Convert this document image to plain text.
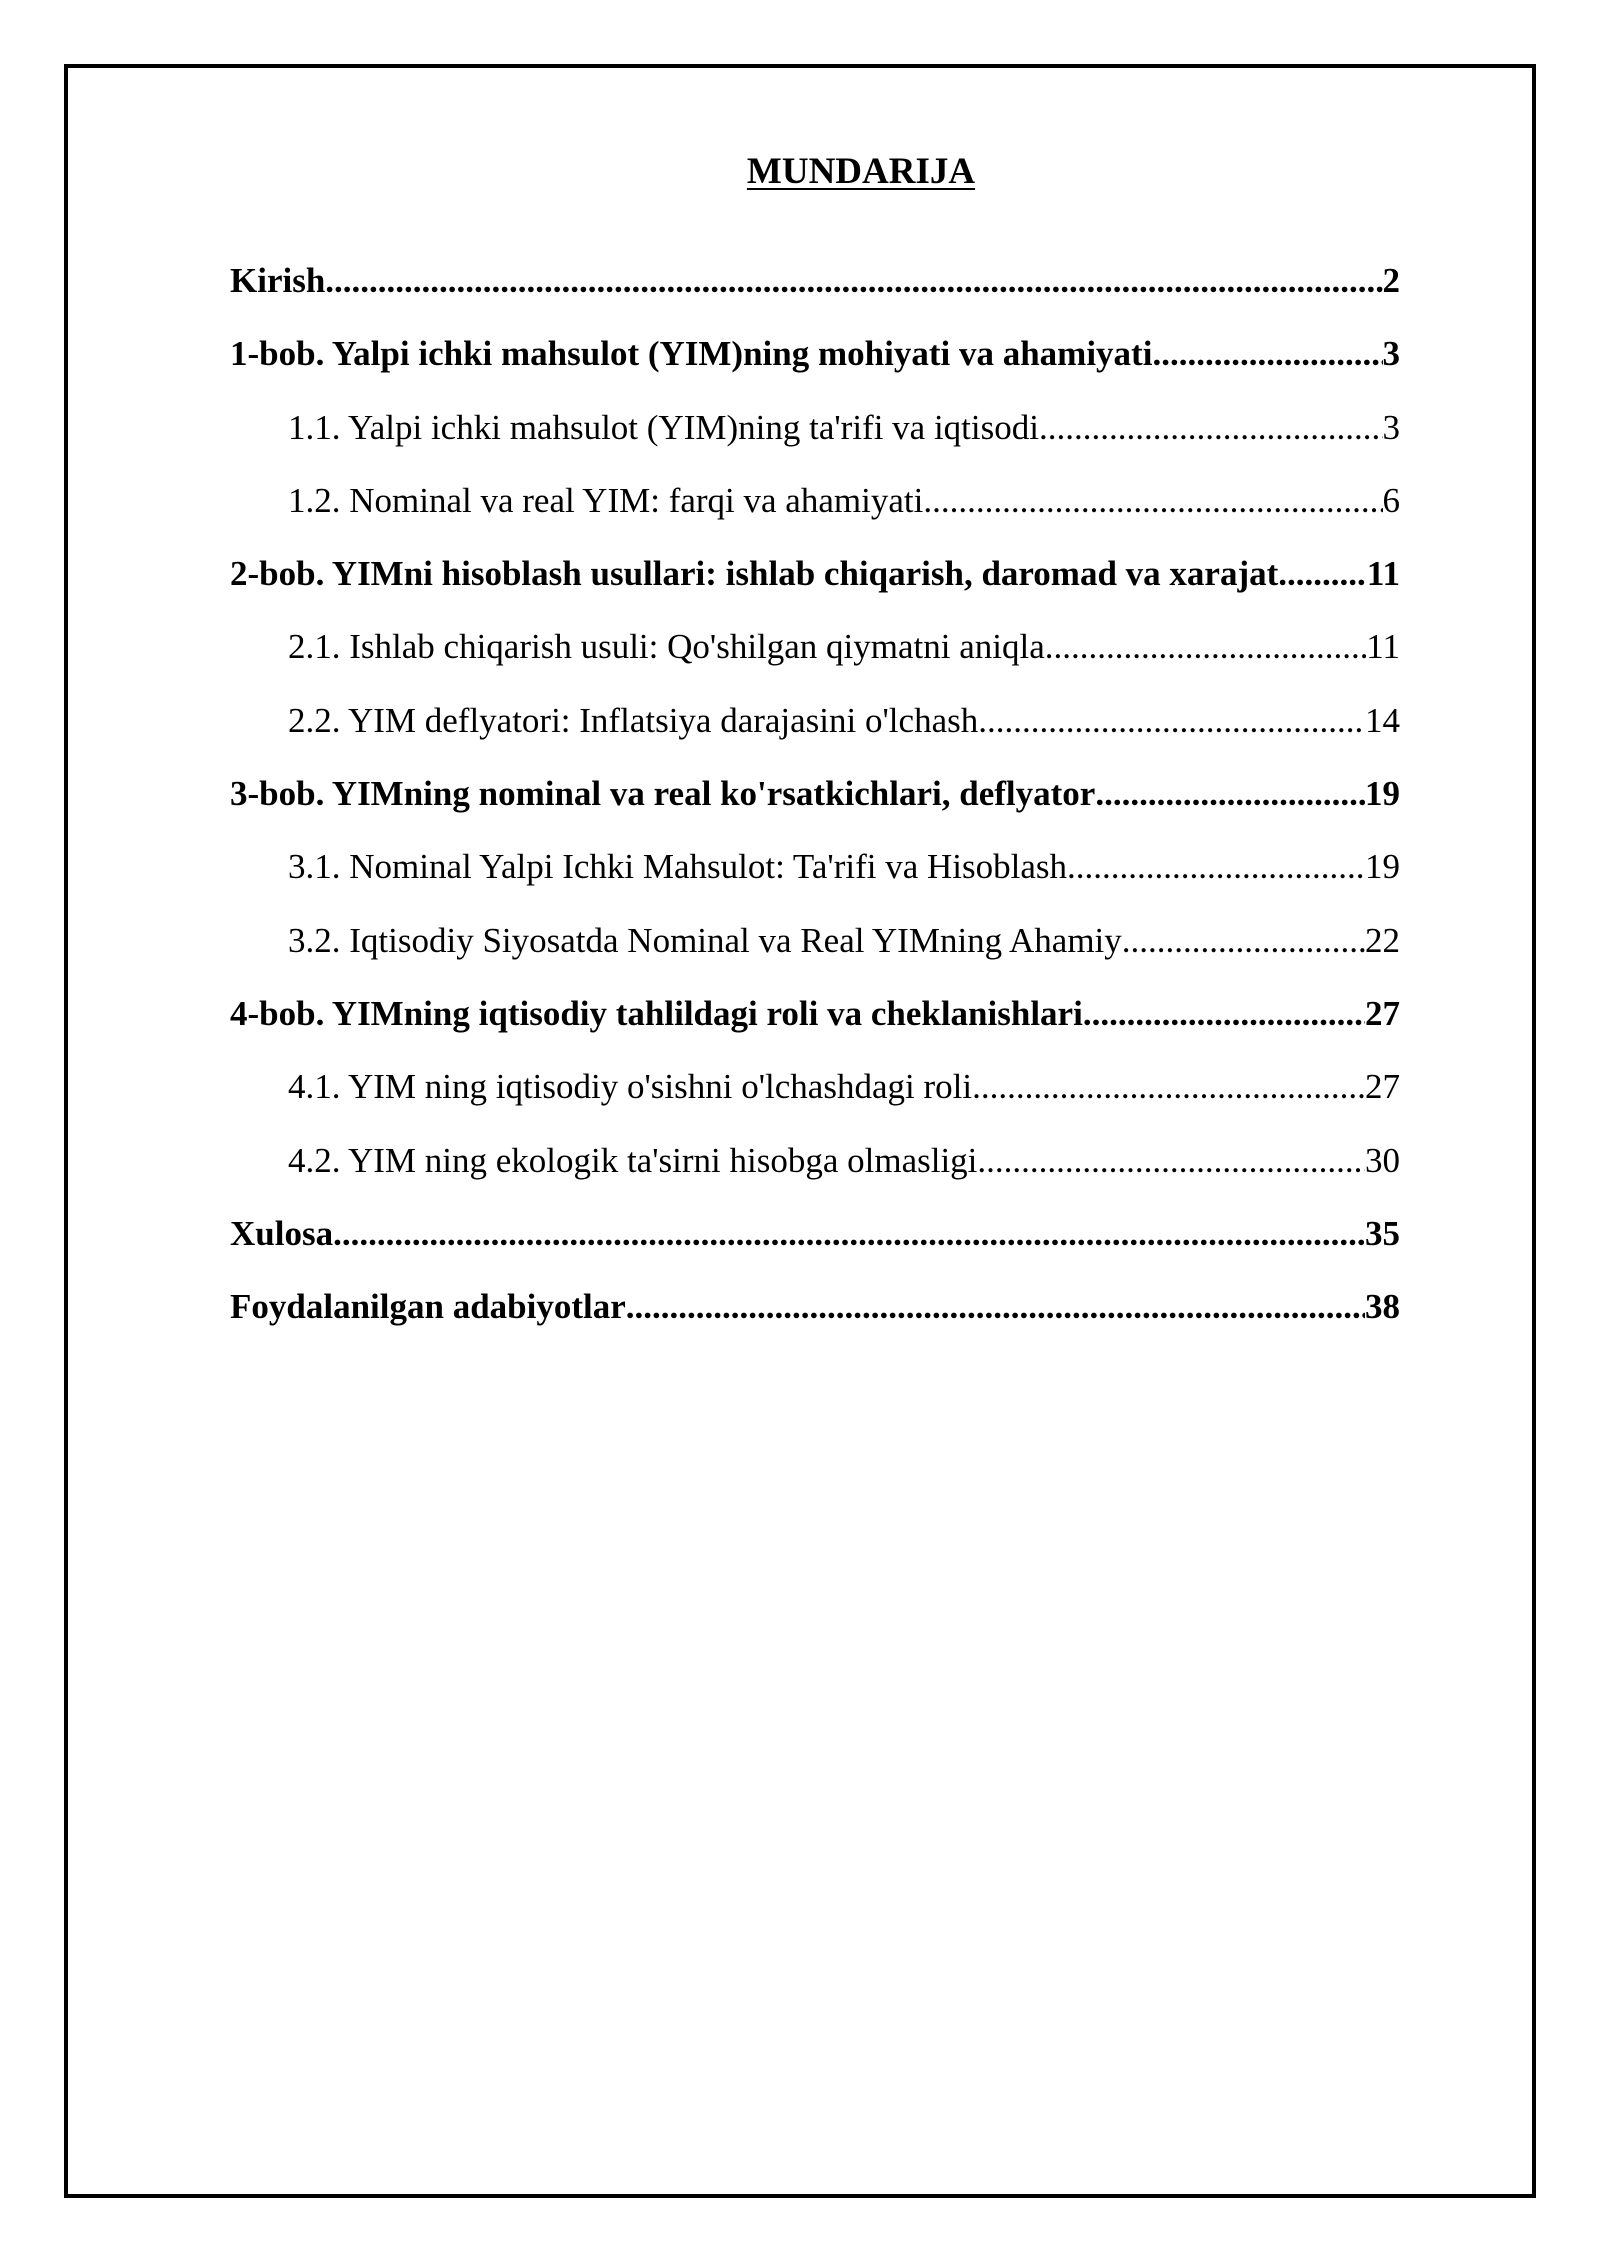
MUNDARIJA
Kirish .....	2
1-bob. Yalpi ichki mahsulot (YIM)ning mohiyati va ahamiyati .....	3
1.1. Yalpi ichki mahsulot (YIM)ning ta'rifi va iqtisodi .....	3
1.2. Nominal va real YIM: farqi va ahamiyati .....	6
2-bob. YIMni hisoblash usullari: ishlab chiqarish, daromad va xarajat .....	11
2.1. Ishlab chiqarish usuli: Qo'shilgan qiymatni aniqla .....	11
2.2. YIM deflyatori: Inflatsiya darajasini o'lchash .....	14
3-bob. YIMning nominal va real ko'rsatkichlari, deflyator .....	19
3.1. Nominal Yalpi Ichki Mahsulot: Ta'rifi va Hisoblash .....	19
3.2. Iqtisodiy Siyosatda Nominal va Real YIMning Ahamiy .....	22
4-bob. YIMning iqtisodiy tahlildagi roli va cheklanishlari .....	27
4.1. YIM ning iqtisodiy o'sishni o'lchashdagi roli .....	27
4.2. YIM ning ekologik ta'sirni hisobga olmasligi .....	30
Xulosa .....	35
Foydalanilgan adabiyotlar .....	38
